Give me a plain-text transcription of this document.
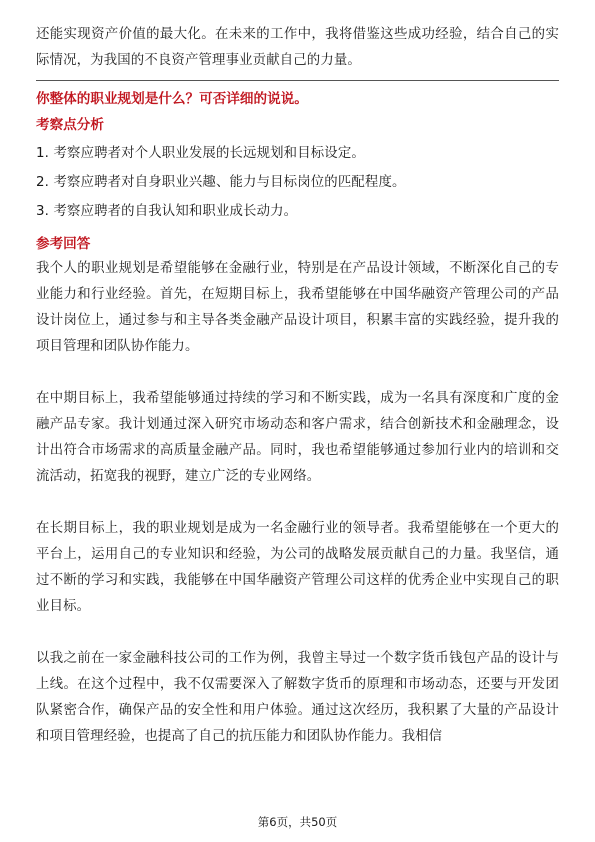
还能实现资产价值的最大化。在未来的工作中，我将借鉴这些成功经验，结合自己的实际情况，为我国的不良资产管理事业贡献自己的力量。

你整体的职业规划是什么？可否详细的说说。
考察点分析
1. 考察应聘者对个人职业发展的长远规划和目标设定。
2. 考察应聘者对自身职业兴趣、能力与目标岗位的匹配程度。
3. 考察应聘者的自我认知和职业成长动力。
参考回答

我个人的职业规划是希望能够在金融行业，特别是在产品设计领域，不断深化自己的专业能力和行业经验。首先，在短期目标上，我希望能够在中国华融资产管理公司的产品设计岗位上，通过参与和主导各类金融产品设计项目，积累丰富的实践经验，提升我的项目管理和团队协作能力。

在中期目标上，我希望能够通过持续的学习和不断实践，成为一名具有深度和广度的金融产品专家。我计划通过深入研究市场动态和客户需求，结合创新技术和金融理念，设计出符合市场需求的高质量金融产品。同时，我也希望能够通过参加行业内的培训和交流活动，拓宽我的视野，建立广泛的专业网络。

在长期目标上，我的职业规划是成为一名金融行业的领导者。我希望能够在一个更大的平台上，运用自己的专业知识和经验，为公司的战略发展贡献自己的力量。我坚信，通过不断的学习和实践，我能够在中国华融资产管理公司这样的优秀企业中实现自己的职业目标。

以我之前在一家金融科技公司的工作为例，我曾主导过一个数字货币钱包产品的设计与上线。在这个过程中，我不仅需要深入了解数字货币的原理和市场动态，还要与开发团队紧密合作，确保产品的安全性和用户体验。通过这次经历，我积累了大量的产品设计和项目管理经验，也提高了自己的抗压能力和团队协作能力。我相信

第6页，共50页
